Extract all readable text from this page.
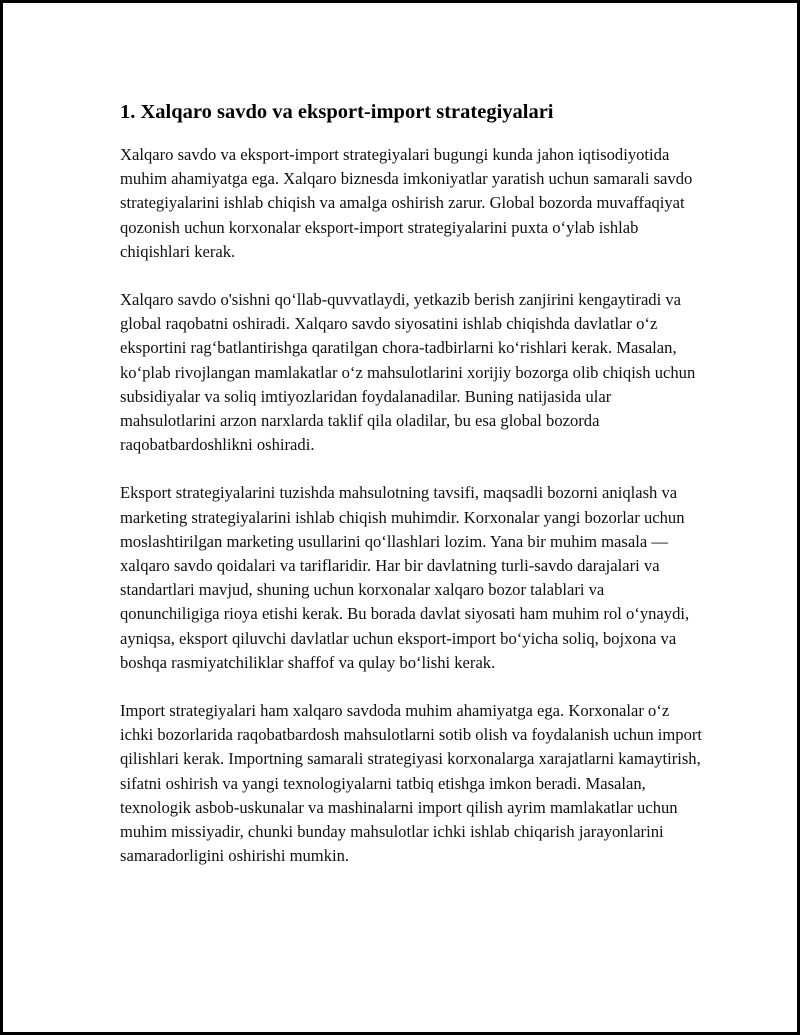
1. Xalqaro savdo va eksport-import strategiyalari

Xalqaro savdo va eksport-import strategiyalari bugungi kunda jahon iqtisodiyotida muhim ahamiyatga ega. Xalqaro biznesda imkoniyatlar yaratish uchun samarali savdo strategiyalarini ishlab chiqish va amalga oshirish zarur. Global bozorda muvaffaqiyat qozonish uchun korxonalar eksport-import strategiyalarini puxta o‘ylab ishlab chiqishlari kerak.

Xalqaro savdo o'sishni qo‘llab-quvvatlaydi, yetkazib berish zanjirini kengaytiradi va global raqobatni oshiradi. Xalqaro savdo siyosatini ishlab chiqishda davlatlar o‘z eksportini rag‘batlantirishga qaratilgan chora-tadbirlarni ko‘rishlari kerak. Masalan, ko‘plab rivojlangan mamlakatlar o‘z mahsulotlarini xorijiy bozorga olib chiqish uchun subsidiyalar va soliq imtiyozlaridan foydalanadilar. Buning natijasida ular mahsulotlarini arzon narxlarda taklif qila oladilar, bu esa global bozorda raqobatbardoshlikni oshiradi.

Eksport strategiyalarini tuzishda mahsulotning tavsifi, maqsadli bozorni aniqlash va marketing strategiyalarini ishlab chiqish muhimdir. Korxonalar yangi bozorlar uchun moslashtirilgan marketing usullarini qo‘llashlari lozim. Yana bir muhim masala — xalqaro savdo qoidalari va tariflaridir. Har bir davlatning turli-savdo darajalari va standartlari mavjud, shuning uchun korxonalar xalqaro bozor talablari va qonunchiligiga rioya etishi kerak. Bu borada davlat siyosati ham muhim rol o‘ynaydi, ayniqsa, eksport qiluvchi davlatlar uchun eksport-import bo‘yicha soliq, bojxona va boshqa rasmiyatchiliklar shaffof va qulay bo‘lishi kerak.

Import strategiyalari ham xalqaro savdoda muhim ahamiyatga ega. Korxonalar o‘z ichki bozorlarida raqobatbardosh mahsulotlarni sotib olish va foydalanish uchun import qilishlari kerak. Importning samarali strategiyasi korxonalarga xarajatlarni kamaytirish, sifatni oshirish va yangi texnologiyalarni tatbiq etishga imkon beradi. Masalan, texnologik asbob-uskunalar va mashinalarni import qilish ayrim mamlakatlar uchun muhim missiyadir, chunki bunday mahsulotlar ichki ishlab chiqarish jarayonlarini samaradorligini oshirishi mumkin.
